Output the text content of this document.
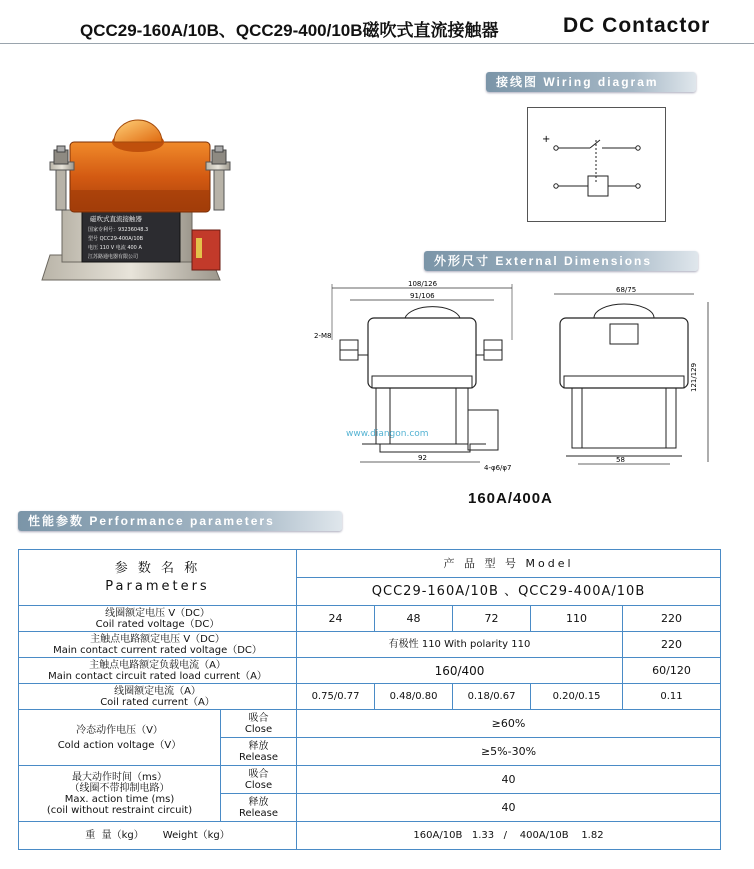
QCC29-160A/10B、QCC29-400/10B磁吹式直流接触器	DC Contactor
磁吹式直流接触器
国家专利号：93236048.3
型号 QCC29-400A/10B
电压 110 V 电流 400 A
江苏路通电器有限公司
接线图 Wiring diagram
+
外形尺寸 External Dimensions
108/126
91/106
2-M8
92
4-φ6/φ7
www.diangon.com
68/75
121/129
58
160A/400A
性能参数 Performance parameters
参 数 名 称
Parameters		产 品 型 号 Model				
		QCC29-160A/10B 、QCC29-400A/10B				

线圈额定电压 V（DC）
Coil rated voltage（DC）		24	48	72	110	220

主触点电路额定电压 V（DC）
Main contact current rated voltage（DC）		有极性 110 With polarity 110				220

主触点电路额定负载电流（A）
Main contact circuit rated load current（A）		160/400				60/120

线圈额定电流（A）
Coil rated current（A）		0.75/0.77	0.48/0.80	0.18/0.67	0.20/0.15	0.11

冷态动作电压（V）
Cold action voltage（V）	吸合
Close	≥60%				

	释放
Release	≥5%-30%				

最大动作时间（ms）
（线圈不带抑制电路）
Max. action time (ms)
(coil without restraint circuit)	吸合
Close	40				

	释放
Release	40				
重  量（kg）      Weight（kg）		160A/10B   1.33   /    400A/10B    1.82				
